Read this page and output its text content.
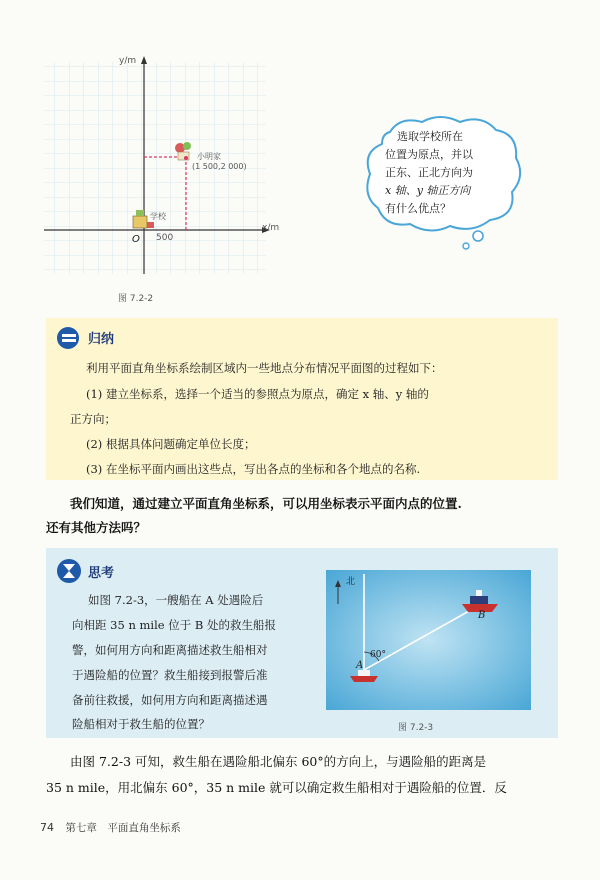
y/m
x/m
O 500
学校
小明家
(1 500,2 000)
图 7.2-2
选取学校所在
位置为原点，并以
正东、正北方向为
x 轴、y 轴正方向
有什么优点？
归纳
利用平面直角坐标系绘制区域内一些地点分布情况平面图的过程如下：
(1) 建立坐标系，选择一个适当的参照点为原点，确定 x 轴、y 轴的
正方向；
(2) 根据具体问题确定单位长度；
(3) 在坐标平面内画出这些点，写出各点的坐标和各个地点的名称.
我们知道，通过建立平面直角坐标系，可以用坐标表示平面内点的位置.
还有其他方法吗？
思考
如图 7.2-3，一艘船在 A 处遇险后
向相距 35 n mile 位于 B 处的救生船报
警，如何用方向和距离描述救生船相对
于遇险船的位置？救生船接到报警后准
备前往救援，如何用方向和距离描述遇
险船相对于救生船的位置？
北
60°
A
B
图 7.2-3
由图 7.2-3 可知，救生船在遇险船北偏东 60°的方向上，与遇险船的距离是
35 n mile，用北偏东 60°，35 n mile 就可以确定救生船相对于遇险船的位置．反
74 第七章　平面直角坐标系
